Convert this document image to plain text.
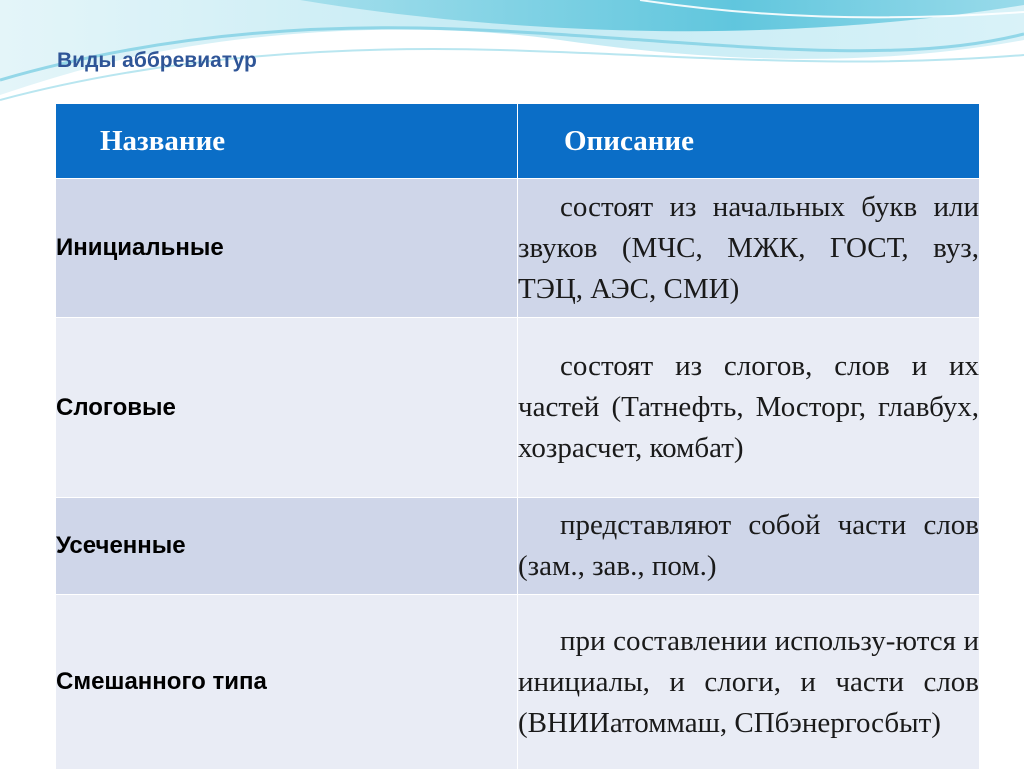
Виды аббревиатур
Название	Описание
Инициальные	состоят из начальных букв или звуков (МЧС, МЖК, ГОСТ, вуз, ТЭЦ, АЭС, СМИ)
Слоговые	состоят из слогов, слов и их частей (Татнефть, Мосторг, главбух, хозрасчет, комбат)
Усеченные	представляют собой части слов (зам., зав., пом.)
Смешанного типа	при составлении использу-ются и инициалы, и слоги, и части слов (ВНИИатоммаш, СПбэнергосбыт)
